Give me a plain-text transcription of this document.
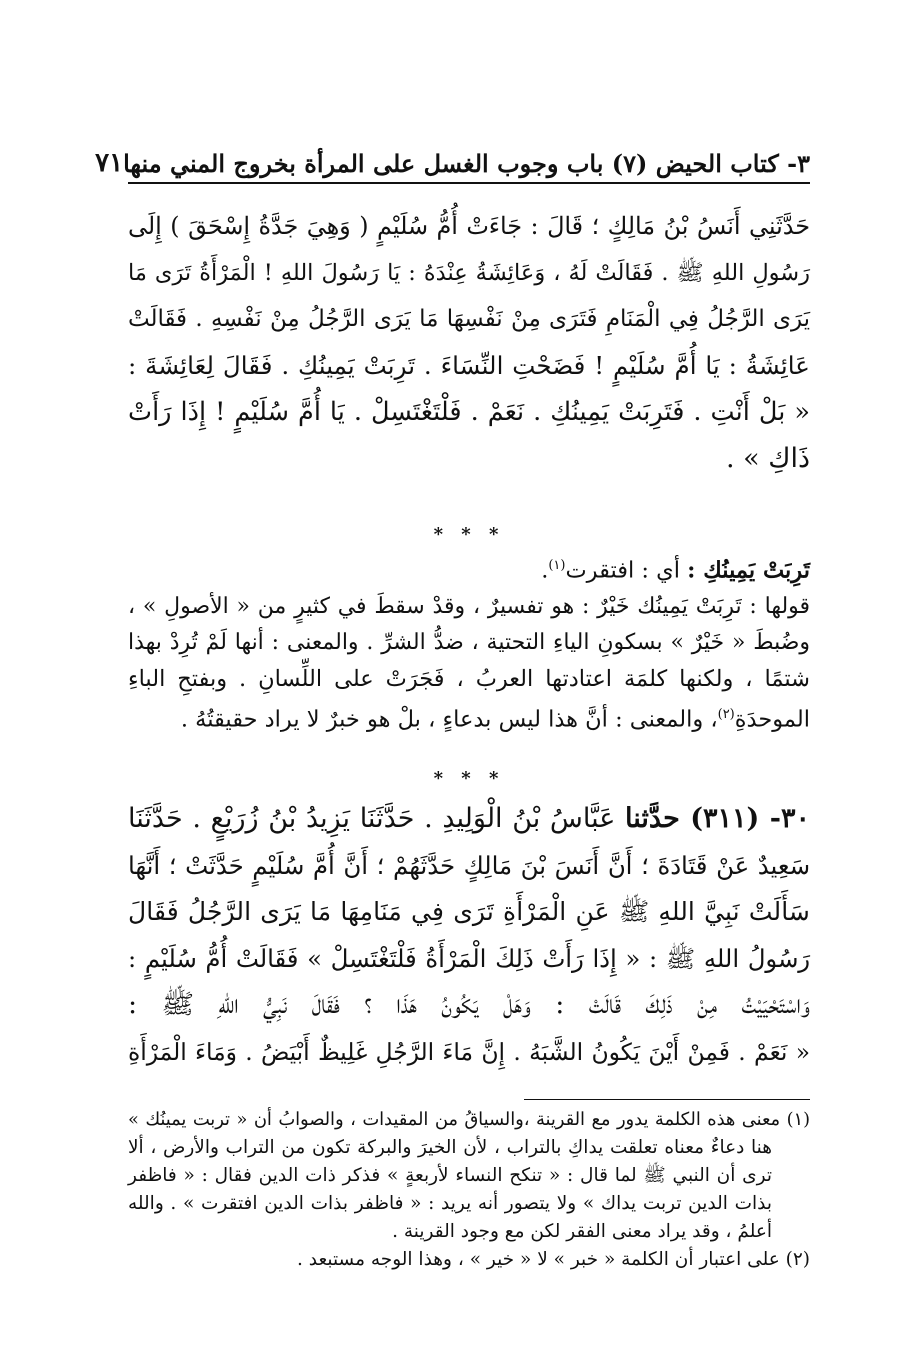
٣- كتاب الحيض (٧) باب وجوب الغسل على المرأة بخروج المني منها
٧١
حَدَّثَنِي أَنَسُ بْنُ مَالِكٍ ؛ قَالَ : جَاءَتْ أُمُّ سُلَيْمٍ ( وَهِيَ جَدَّةُ إِسْحَقَ ) إِلَى
رَسُولِ اللهِ ﷺ . فَقَالَتْ لَهُ ، وَعَائِشَةُ عِنْدَهُ : يَا رَسُولَ اللهِ ! الْمَرْأَةُ تَرَى مَا
يَرَى الرَّجُلُ فِي الْمَنَامِ فَتَرَى مِنْ نَفْسِهَا مَا يَرَى الرَّجُلُ مِنْ نَفْسِهِ . فَقَالَتْ
عَائِشَةُ : يَا أُمَّ سُلَيْمٍ ! فَضَحْتِ النِّسَاءَ . تَرِبَتْ يَمِينُكِ . فَقَالَ لِعَائِشَةَ :
« بَلْ أَنْتِ . فَتَرِبَتْ يَمِينُكِ . نَعَمْ . فَلْتَغْتَسِلْ . يَا أُمَّ سُلَيْمٍ ! إِذَا رَأَتْ
ذَاكِ » .
* * *
تَرِبَتْ يَمِينُكِ : أي : افتقرت$^{(١)}$.
قولها : تَرِبَتْ يَمِينُك خَيْرٌ : هو تفسيرٌ ، وقدْ سقطَ في كثيرٍ من « الأصولِ » ،
وضُبطَ « خَيْرٌ » بسكونِ الياءِ التحتية ، ضدُّ الشرِّ . والمعنى : أنها لَمْ تُرِدْ بهذا
شتمًا ، ولكنها كلمَة اعتادتها العربُ ، فَجَرَتْ على اللِّسانِ . وبفتحِ الباءِ
الموحدَةِ$^{(٢)}$، والمعنى : أنَّ هذا ليس بدعاءٍ ، بلْ هو خبرٌ لا يراد حقيقتُهُ .
* * *
٣٠- (٣١١) حدَّثنا عَبَّاسُ بْنُ الْوَلِيدِ . حَدَّثَنَا يَزِيدُ بْنُ زُرَيْعٍ . حَدَّثَنَا
سَعِيدٌ عَنْ قَتَادَةَ ؛ أَنَّ أَنَسَ بْنَ مَالِكٍ حَدَّثَهُمْ ؛ أَنَّ أُمَّ سُلَيْمٍ حَدَّثَتْ ؛ أَنَّهَا
سَأَلَتْ نَبِيَّ اللهِ ﷺ عَنِ الْمَرْأَةِ تَرَى فِي مَنَامِهَا مَا يَرَى الرَّجُلُ فَقَالَ
رَسُولُ اللهِ ﷺ : « إِذَا رَأَتْ ذَلِكَ الْمَرْأَةُ فَلْتَغْتَسِلْ » فَقَالَتْ أُمُّ سُلَيْمٍ :
وَاسْتَحْيَيْتُ مِنْ ذَلِكَ قَالَتْ : وَهَلْ يَكُونُ هَذَا ؟ فَقَالَ نَبِيُّ اللهِ ﷺ :
« نَعَمْ . فَمِنْ أَيْنَ يَكُونُ الشَّبَهُ . إِنَّ مَاءَ الرَّجُلِ غَلِيظٌ أَبْيَضُ . وَمَاءَ الْمَرْأَةِ
(١) معنى هذه الكلمة يدور مع القرينة ،والسياقُ من المقيدات ، والصوابُ أن « تربت يمينُك »
هنا دعاءٌ معناه تعلقت يداكِ بالتراب ، لأن الخيرَ والبركة تكون من التراب والأرض ، ألا
ترى أن النبي ﷺ لما قال : « تنكح النساء لأربعةٍ » فذكر ذات الدين فقال : « فاظفر
بذات الدين تربت يداك » ولا يتصور أنه يريد : « فاظفر بذات الدين افتقرت » . والله
أعلمُ ، وقد يراد معنى الفقر لكن مع وجود القرينة .
(٢) على اعتبار أن الكلمة « خبر » لا « خير » ، وهذا الوجه مستبعد .
